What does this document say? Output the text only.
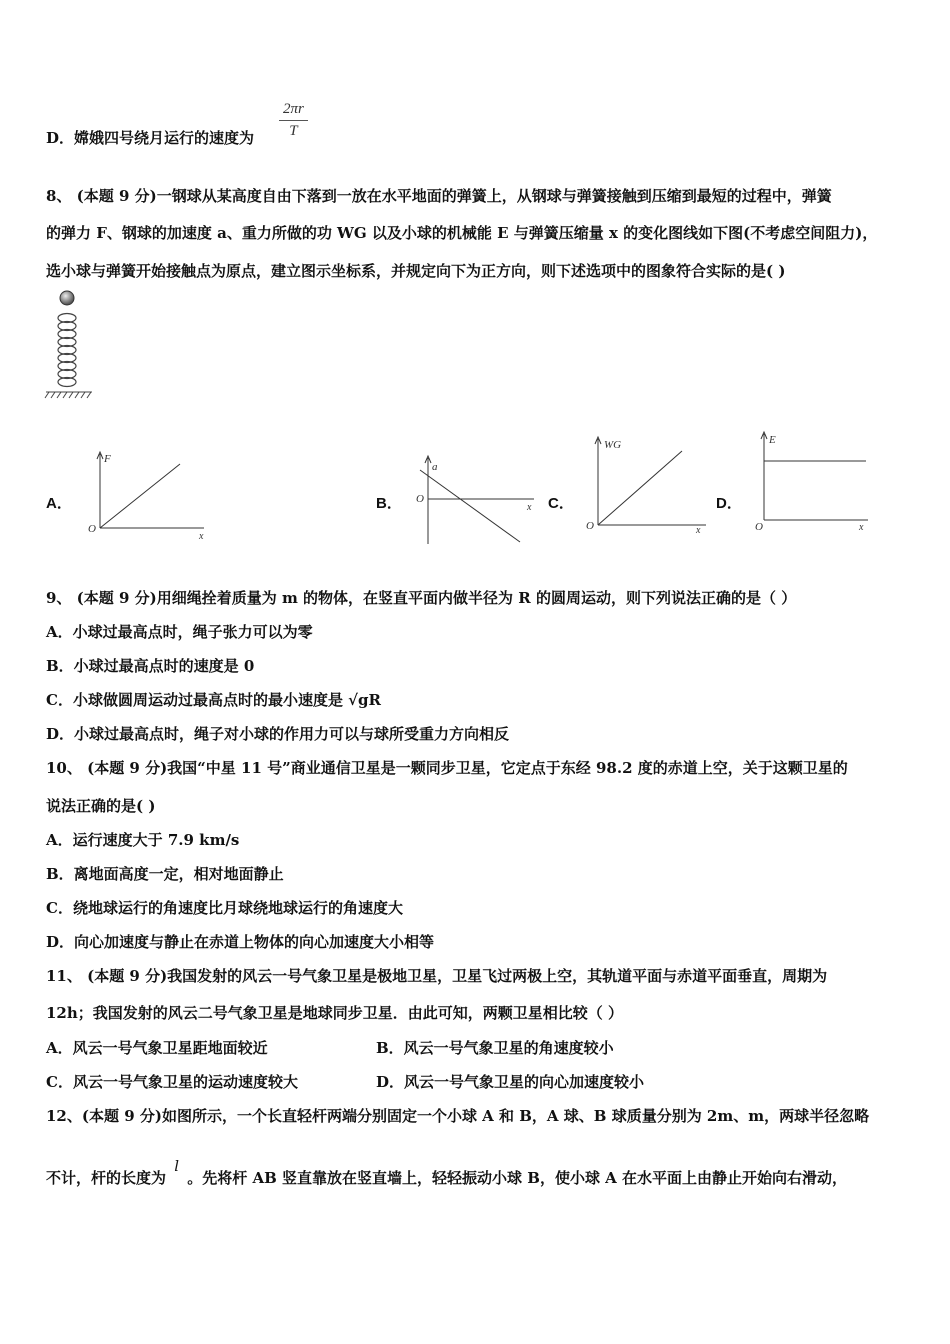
D．嫦娥四号绕月运行的速度为 $\frac{2\pi r}{T}$
8、 (本题 9 分)一钢球从某高度自由下落到一放在水平地面的弹簧上，从钢球与弹簧接触到压缩到最短的过程中，弹簧
的弹力 F、钢球的加速度 a、重力所做的功 WG 以及小球的机械能 E 与弹簧压缩量 x 的变化图线如下图(不考虑空间阻力)，
选小球与弹簧开始接触点为原点，建立图示坐标系，并规定向下为正方向，则下述选项中的图象符合实际的是( )
A．	B．	C．	D．
F
O
x
a
O
x
WG
O	x
E
O	x
9、 (本题 9 分)用细绳拴着质量为 m 的物体，在竖直平面内做半径为 R 的圆周运动，则下列说法正确的是（ ）
A．小球过最高点时，绳子张力可以为零
B．小球过最高点时的速度是 0
C．小球做圆周运动过最高点时的最小速度是 √gR
D．小球过最高点时，绳子对小球的作用力可以与球所受重力方向相反
10、 (本题 9 分)我国“中星 11 号”商业通信卫星是一颗同步卫星，它定点于东经 98.2 度的赤道上空，关于这颗卫星的
说法正确的是( )
A．运行速度大于 7.9 km/s
B．离地面高度一定，相对地面静止
C．绕地球运行的角速度比月球绕地球运行的角速度大
D．向心加速度与静止在赤道上物体的向心加速度大小相等
11、 (本题 9 分)我国发射的风云一号气象卫星是极地卫星，卫星飞过两极上空，其轨道平面与赤道平面垂直，周期为
12h；我国发射的风云二号气象卫星是地球同步卫星．由此可知，两颗卫星相比较（ ）
A．风云一号气象卫星距地面较近	B．风云一号气象卫星的角速度较小
C．风云一号气象卫星的运动速度较大	D．风云一号气象卫星的向心加速度较小
12、(本题 9 分)如图所示，一个长直轻杆两端分别固定一个小球 A 和 B，A 球、B 球质量分别为 2m、m，两球半径忽略
不计，杆的长度为 l 。先将杆 AB 竖直靠放在竖直墙上，轻轻振动小球 B，使小球 A 在水平面上由静止开始向右滑动，
